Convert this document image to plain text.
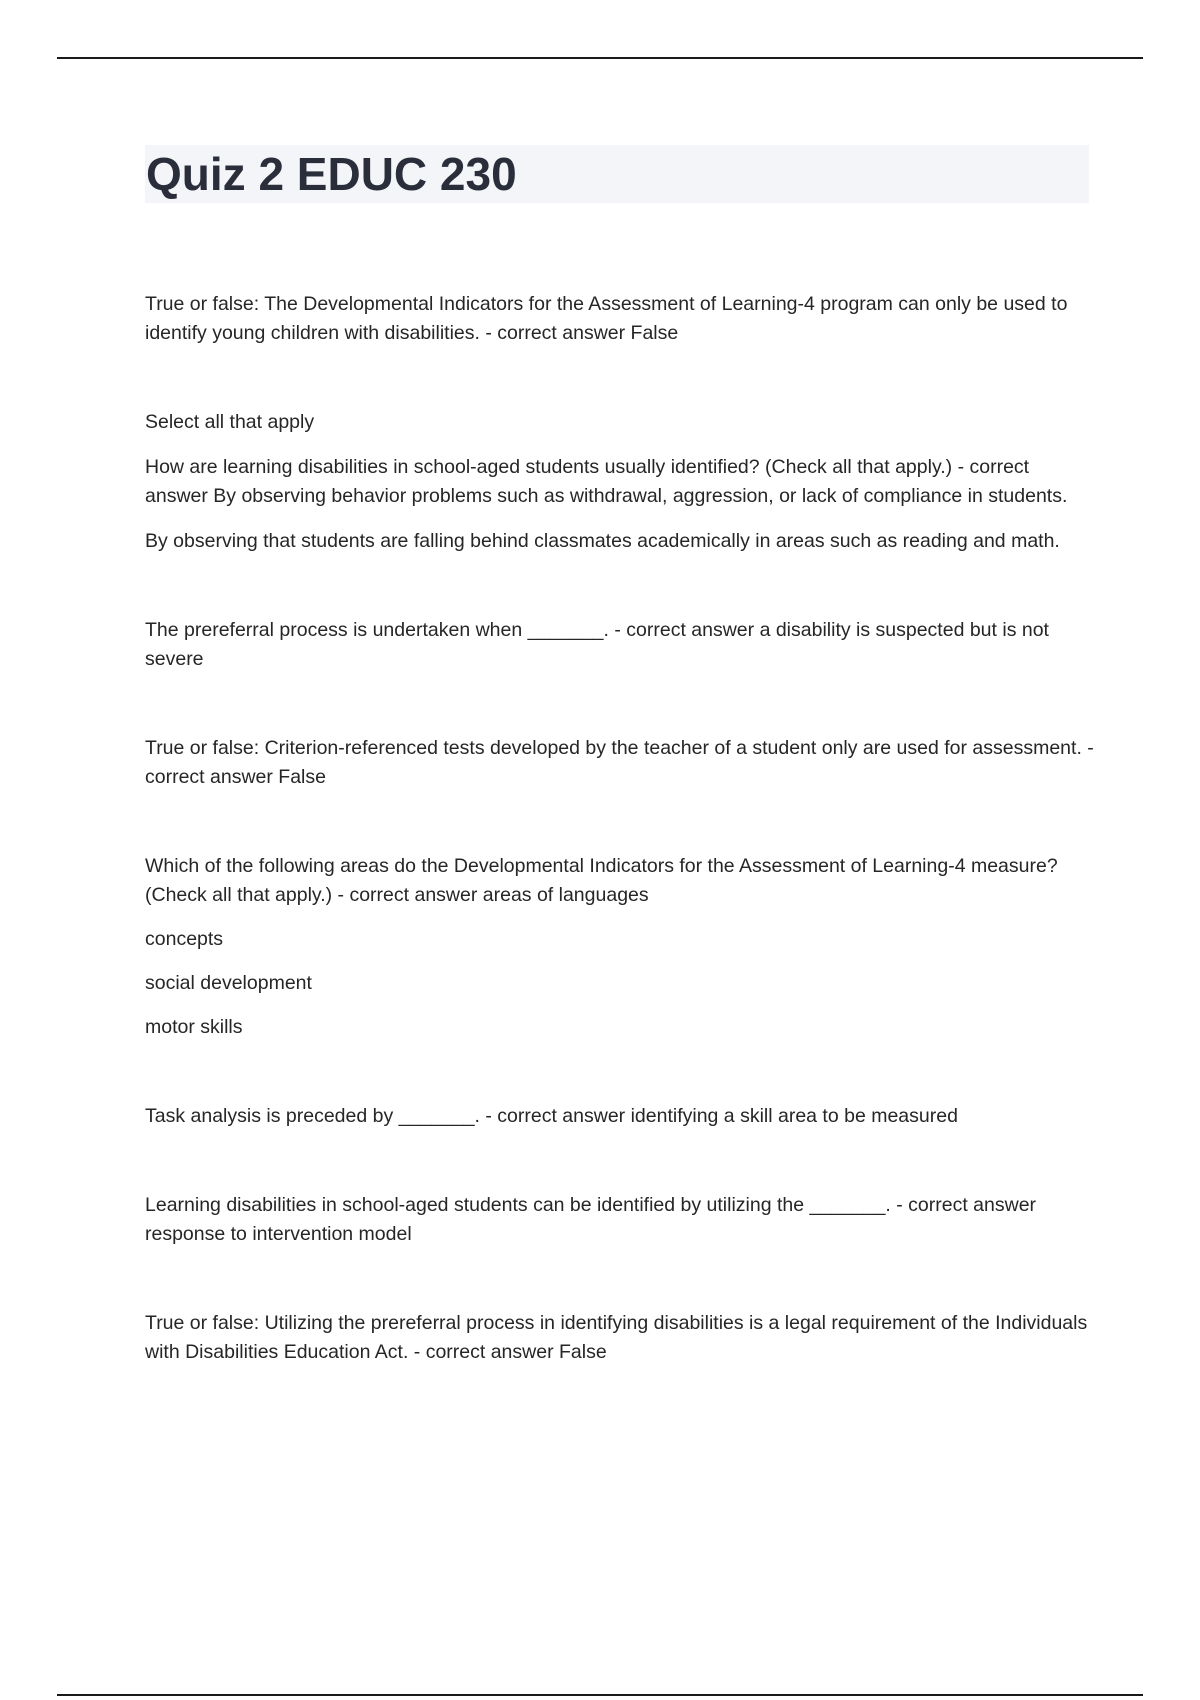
Quiz 2 EDUC 230

True or false: The Developmental Indicators for the Assessment of Learning-4 program can only be used to identify young children with disabilities. - correct answer False

Select all that apply

How are learning disabilities in school-aged students usually identified? (Check all that apply.) - correct answer By observing behavior problems such as withdrawal, aggression, or lack of compliance in students.

By observing that students are falling behind classmates academically in areas such as reading and math.

The prereferral process is undertaken when _______. - correct answer a disability is suspected but is not severe

True or false: Criterion-referenced tests developed by the teacher of a student only are used for assessment. - correct answer False

Which of the following areas do the Developmental Indicators for the Assessment of Learning-4 measure? (Check all that apply.) - correct answer areas of languages

concepts

social development

motor skills

Task analysis is preceded by _______. - correct answer identifying a skill area to be measured

Learning disabilities in school-aged students can be identified by utilizing the _______. - correct answer response to intervention model

True or false: Utilizing the prereferral process in identifying disabilities is a legal requirement of the Individuals with Disabilities Education Act. - correct answer False
